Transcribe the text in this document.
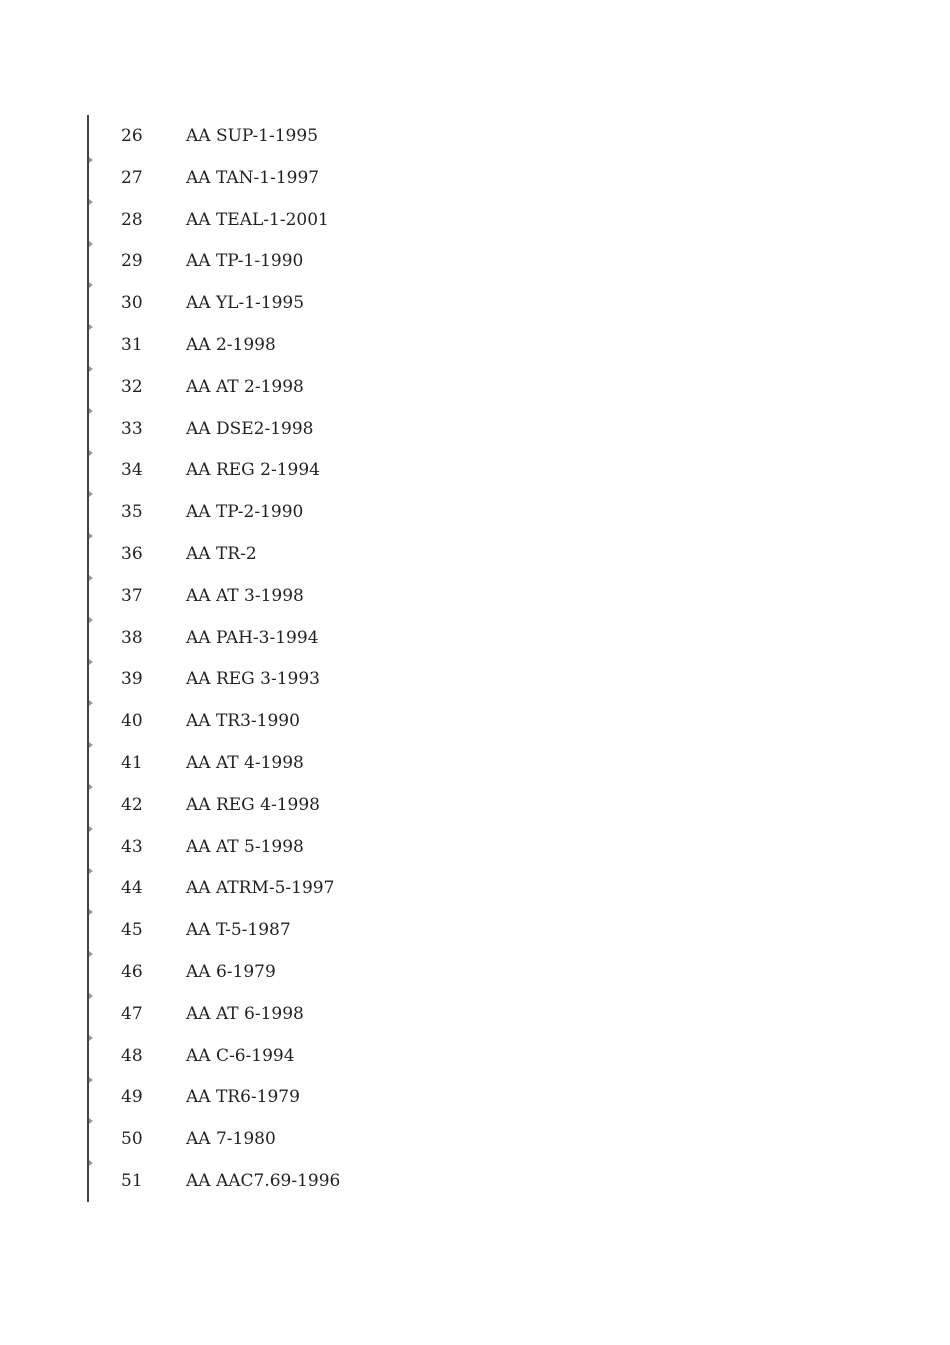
26	AA SUP-1-1995
27	AA TAN-1-1997
28	AA TEAL-1-2001
29	AA TP-1-1990
30	AA YL-1-1995
31	AA 2-1998
32	AA AT 2-1998
33	AA DSE2-1998
34	AA REG 2-1994
35	AA TP-2-1990
36	AA TR-2
37	AA AT 3-1998
38	AA PAH-3-1994
39	AA REG 3-1993
40	AA TR3-1990
41	AA AT 4-1998
42	AA REG 4-1998
43	AA AT 5-1998
44	AA ATRM-5-1997
45	AA T-5-1987
46	AA 6-1979
47	AA AT 6-1998
48	AA C-6-1994
49	AA TR6-1979
50	AA 7-1980
51	AA AAC7.69-1996
